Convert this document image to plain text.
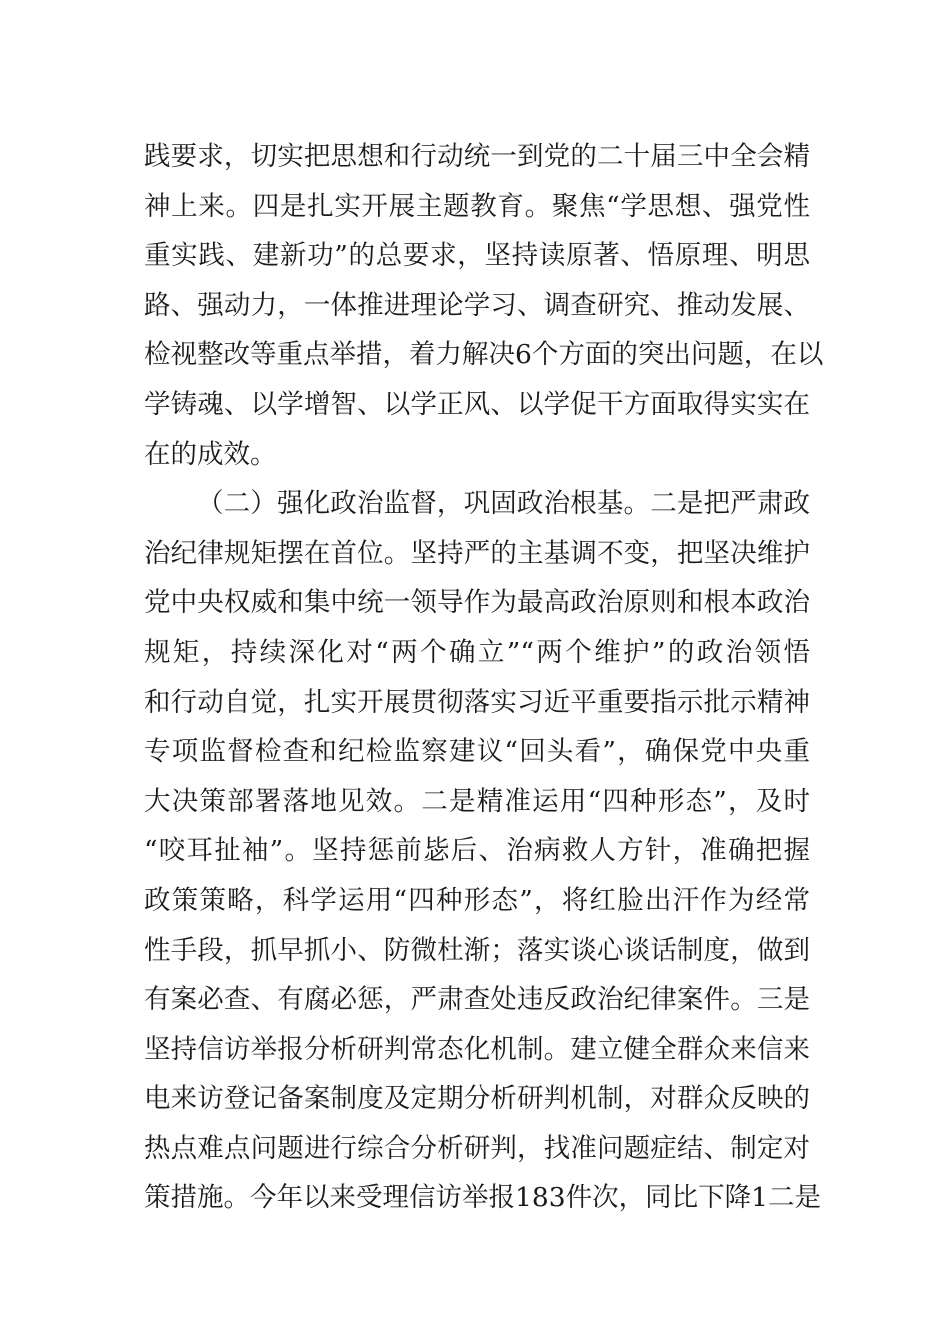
践要求，切实把思想和行动统一到党的二十届三中全会精
神上来。四是扎实开展主题教育。聚焦“学思想、强党性
重实践、建新功”的总要求，坚持读原著、悟原理、明思
路、强动力，一体推进理论学习、调查研究、推动发展、
检视整改等重点举措，着力解决6个方面的突出问题，在以
学铸魂、以学增智、以学正风、以学促干方面取得实实在
在的成效。
（二）强化政治监督，巩固政治根基。二是把严肃政
治纪律规矩摆在首位。坚持严的主基调不变，把坚决维护
党中央权威和集中统一领导作为最高政治原则和根本政治
规矩，持续深化对“两个确立”“两个维护”的政治领悟
和行动自觉，扎实开展贯彻落实习近平重要指示批示精神
专项监督检查和纪检监察建议“回头看”，确保党中央重
大决策部署落地见效。二是精准运用“四种形态”，及时
“咬耳扯袖”。坚持惩前毖后、治病救人方针，准确把握
政策策略，科学运用“四种形态”，将红脸出汗作为经常
性手段，抓早抓小、防微杜渐；落实谈心谈话制度，做到
有案必查、有腐必惩，严肃查处违反政治纪律案件。三是
坚持信访举报分析研判常态化机制。建立健全群众来信来
电来访登记备案制度及定期分析研判机制，对群众反映的
热点难点问题进行综合分析研判，找准问题症结、制定对
策措施。今年以来受理信访举报183件次，同比下降1二是
